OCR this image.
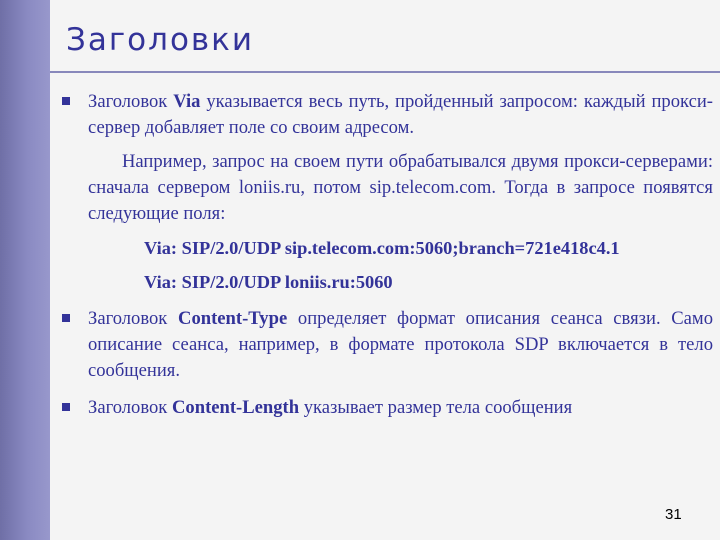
Заголовки

Заголовок Via указывается весь путь, пройденный запросом: каждый прокси-сервер добавляет поле со своим адресом.

Например, запрос на своем пути обрабатывался двумя прокси-серверами: сначала сервером loniis.ru, потом sip.telecom.com. Тогда в запросе появятся следующие поля:

Via: SIP/2.0/UDP sip.telecom.com:5060;branch=721e418c4.1
Via: SIP/2.0/UDP loniis.ru:5060

Заголовок Content-Type определяет формат описания сеанса связи. Само описание сеанса, например, в формате протокола SDP включается в тело сообщения.

Заголовок Content-Length указывает размер тела сообщения

31
